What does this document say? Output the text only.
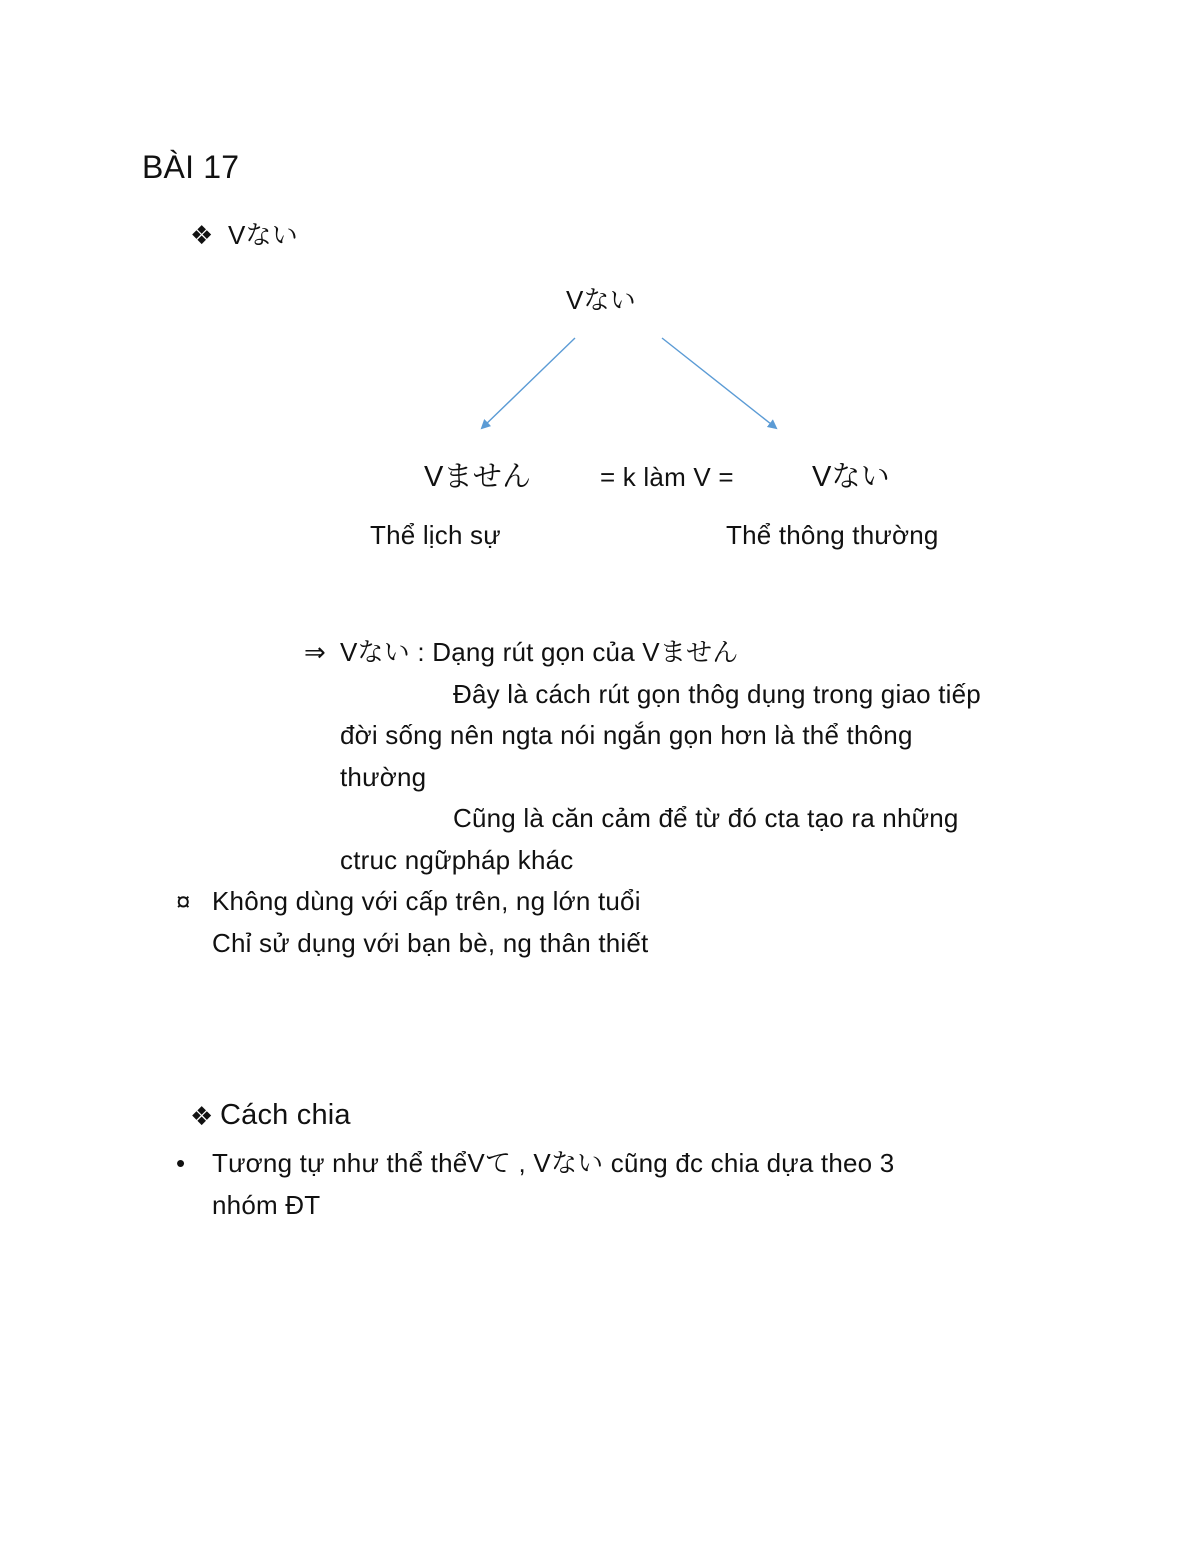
BÀI 17
❖ Vない
Vない
Vません	= k làm V =	Vない
Thể lịch sự	Thể thông thường
⇒ Vない : Dạng rút gọn của Vません
Đây là cách rút gọn thôg dụng trong giao tiếp
đời sống nên ngta nói ngắn gọn hơn là thể thông
thường
Cũng là căn cảm để từ đó cta tạo ra những
ctruc ngữpháp khác
¤ Không dùng với cấp trên, ng lớn tuổi
Chỉ sử dụng với bạn bè, ng thân thiết
❖ Cách chia
• Tương tự như thể thểVて , Vない cũng đc chia dựa theo 3
nhóm ĐT
